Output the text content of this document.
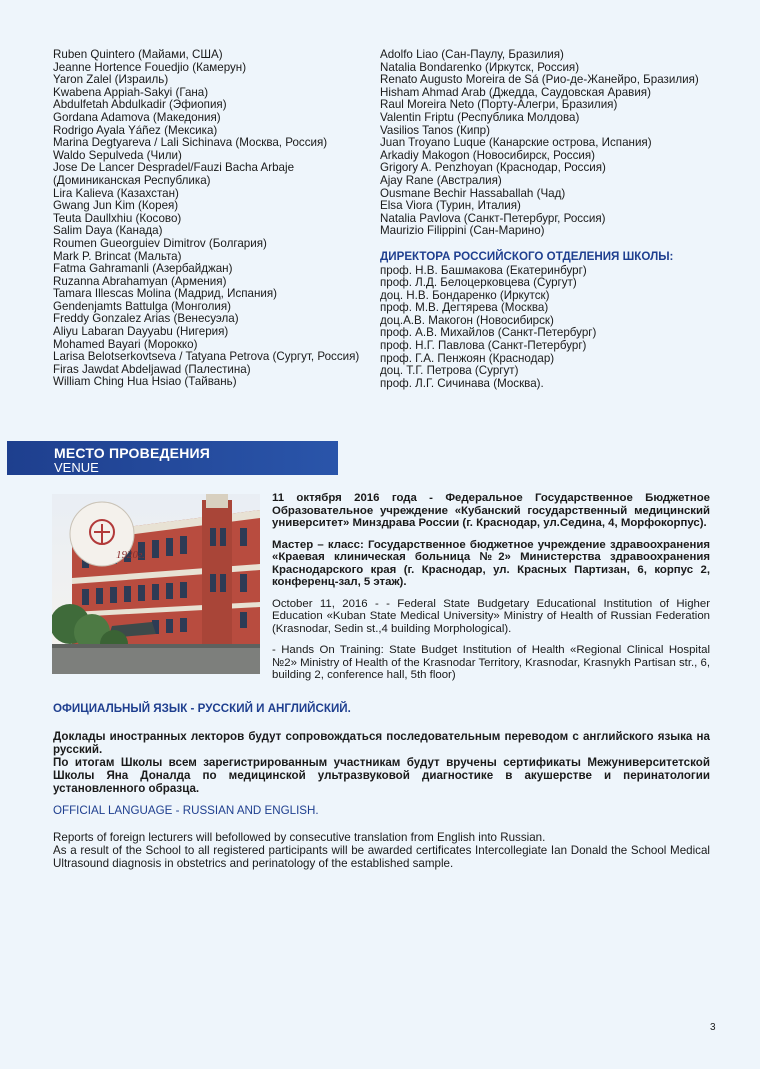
Ruben Quintero (Майами, США)
Jeanne Hortence Fouedjio (Камерун)
Yaron Zalel (Израиль)
Kwabena Appiah-Sakyi (Гана)
Abdulfetah Abdulkadir (Эфиопия)
Gordana Adamova (Македония)
Rodrigo Ayala Yáñez (Мексика)
Marina Degtyareva / Lali Sichinava (Москва, Россия)
Waldo Sepulveda (Чили)
Jose De Lancer Despradel/Fauzi Bacha Arbaje
(Доминиканская Республика)
Lira Kalieva (Казахстан)
Gwang Jun Kim (Корея)
Teuta Daullxhiu (Косово)
Salim Daya (Канада)
Roumen Gueorguiev Dimitrov (Болгария)
Mark P. Brincat (Мальта)
Fatma Gahramanli (Азербайджан)
Ruzanna Abrahamyan (Армения)
Tamara Illescas Molina (Мадрид, Испания)
Gendenjamts Battulga (Монголия)
Freddy Gonzalez Arias (Венесуэла)
Aliyu Labaran Dayyabu (Нигерия)
Mohamed Bayari (Морокко)
Larisa Belotserkovtseva / Tatyana Petrova (Сургут, Россия)
Firas Jawdat Abdeljawad (Палестина)
William Ching Hua Hsiao (Тайвань)
Adolfo Liao (Сан-Паулу, Бразилия)
Natalia Bondarenko (Иркутск, Россия)
Renato Augusto Moreira de Sá (Рио-де-Жанейро, Бразилия)
Hisham Ahmad Arab (Джедда, Саудовская Аравия)
Raul Moreira Neto (Порту-Алегри, Бразилия)
Valentin Friptu (Республика Молдова)
Vasilios Tanos (Кипр)
Juan Troyano Luque (Канарские острова, Испания)
Arkadiy Makogon (Новосибирск, Россия)
Grigory A. Penzhoyan (Краснодар, Россия)
Ajay Rane (Австралия)
Ousmane Bechir Hassaballah (Чад)
Elsa Viora (Турин, Италия)
Natalia Pavlova (Санкт-Петербург, Россия)
Maurizio Filippini (Сан-Марино)
ДИРЕКТОРА РОССИЙСКОГО ОТДЕЛЕНИЯ ШКОЛЫ:
проф. Н.В. Башмакова (Екатеринбург)
проф. Л.Д. Белоцерковцева (Сургут)
доц. Н.В. Бондаренко (Иркутск)
проф. М.В. Дегтярева (Москва)
доц.А.В. Макогон (Новосибирск)
проф. А.В. Михайлов (Санкт-Петербург)
проф. Н.Г. Павлова (Санкт-Петербург)
проф. Г.А. Пенжоян (Краснодар)
доц. Т.Г. Петрова (Сургут)
проф. Л.Г. Сичинава (Москва).
МЕСТО ПРОВЕДЕНИЯ
VENUE
1920г.

11 октября 2016 года - Федеральное Государственное Бюджетное Образовательное учреждение «Кубанский государственный медицинский университет» Минздрава России (г. Краснодар, ул.Седина, 4, Морфокорпус).

Мастер – класс: Государственное бюджетное учреждение здравоохранения «Краевая клиническая больница №2» Министерства здравоохранения Краснодарского края (г. Краснодар, ул. Красных Партизан, 6, корпус 2, конференц-зал, 5 этаж).

October 11, 2016 - - Federal State Budgetary Educational Institution of Higher Education «Kuban State Medical University» Ministry of Health of Russian Federation (Krasnodar, Sedin st.,4 building Morphological).

- Hands On Training: State Budget Institution of Health «Regional Clinical Hospital №2» Ministry of Health of the Krasnodar Territory, Krasnodar, Krasnykh Partisan str., 6, building 2, conference hall, 5th floor)

ОФИЦИАЛЬНЫЙ ЯЗЫК - РУССКИЙ И АНГЛИЙСКИЙ.

Доклады иностранных лекторов будут сопровождаться последовательным переводом с английского языка на русский.

По итогам Школы всем зарегистрированным участникам будут вручены сертификаты Межуниверситетской Школы Яна Доналда по медицинской ультразвуковой диагностике в акушерстве и перинатологии установленного образца.

OFFICIAL LANGUAGE - RUSSIAN AND ENGLISH.

Reports of foreign lecturers will befollowed by consecutive translation from English into Russian.

As a result of the School to all registered participants will be awarded certificates Intercollegiate Ian Donald the School Medical Ultrasound diagnosis in obstetrics and perinatology of the established sample.

3
